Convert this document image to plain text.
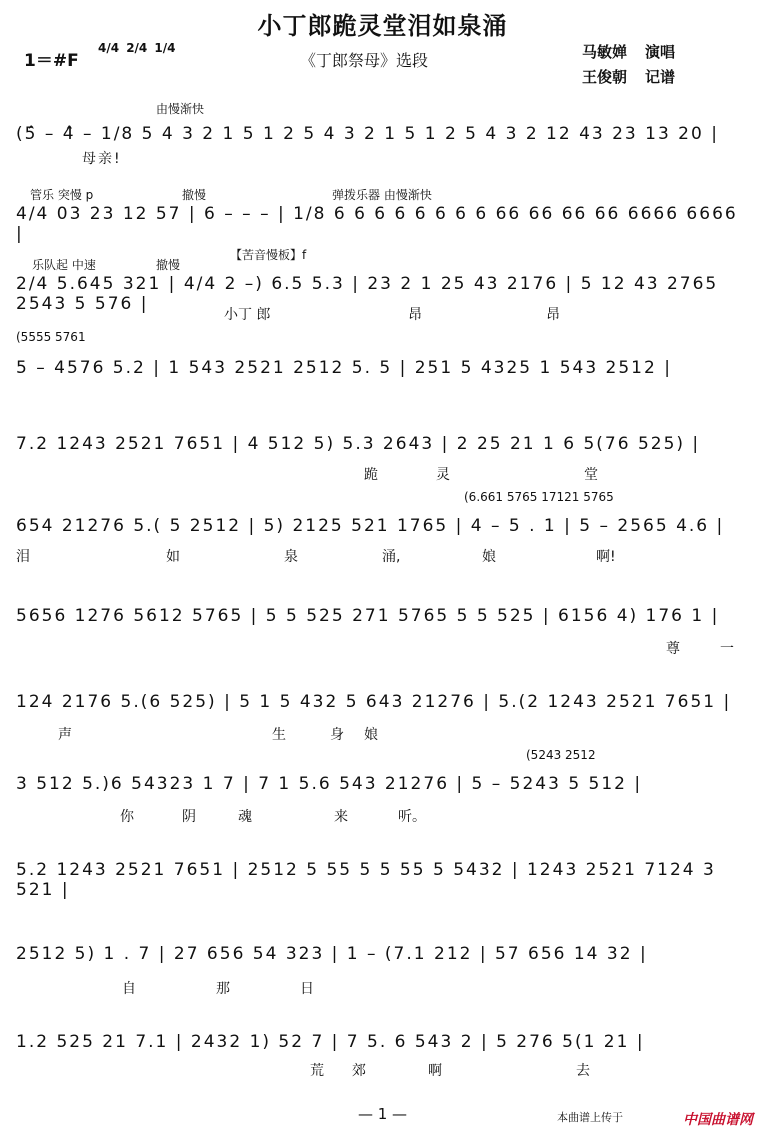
小丁郎跪灵堂泪如泉涌
1＝#F
4/4 2/4 1/4
《丁郎祭母》选段	马敏婵 演唱
王俊朝 记谱
由慢渐快
(5̂ – 4̂ – 1/8 5 4 3 2 1 5 1 2 5 4 3 2 1 5 1 2 5 4 3 2 12 43 23 13 20 |
母亲!
管乐 突慢 p	撤慢	弹拨乐器 由慢渐快
4/4 03 23 12 57 | 6 – – – | 1/8 6 6 6 6 6 6 6 6 66 66 66 66 6666 6666 |
乐队起 中速	撤慢
【苦音慢板】f
2/4 5.645 321 | 4/4 2 –) 6.5 5.3 | 23 2 1 25 43 2176 | 5 12 43 2765 2543 5 576 |
小丁 郎	昂	昂
(5555 5761
5 – 4576 5.2 | 1 543 2521 2512 5. 5 | 251 5 4325 1 543 2512 |
7.2 1243 2521 7651 | 4 512 5) 5.3 2643 | 2 25 21 1 6 5(76 525) |
跪	灵	堂
(6.661 5765 17121 5765
654 21276 5.( 5 2512 | 5) 2125 521 1765 | 4 – 5 . 1 | 5 – 2565 4.6 |
泪	如	泉	涌,	娘	啊!
5656 1276 5612 5765 | 5 5 525 271 5765 5 5 525 | 6156 4) 176 1 |
尊	一
124 2176 5.(6 525) | 5 1 5 432 5 643 21276 | 5.(2 1243 2521 7651 |
声	生	身 娘
(5243 2512
3 512 5.)6 54323 1 7 | 7 1 5.6 543 21276 | 5 – 5243 5 512 |
你	阴	魂	来	听。
5.2 1243 2521 7651 | 2512 5 55 5 5 55 5 5432 | 1243 2521 7124 3 521 |
2512 5) 1 . 7 | 27 656 54 323 | 1 – (7.1 212 | 57 656 14 32 |
自	那	日
1.2 525 21 7.1 | 2432 1) 52 7 | 7 5. 6 543 2 | 5 276 5(1 21 |
荒 郊	啊	去
— 1 —	本曲谱上传于	中国曲谱网
